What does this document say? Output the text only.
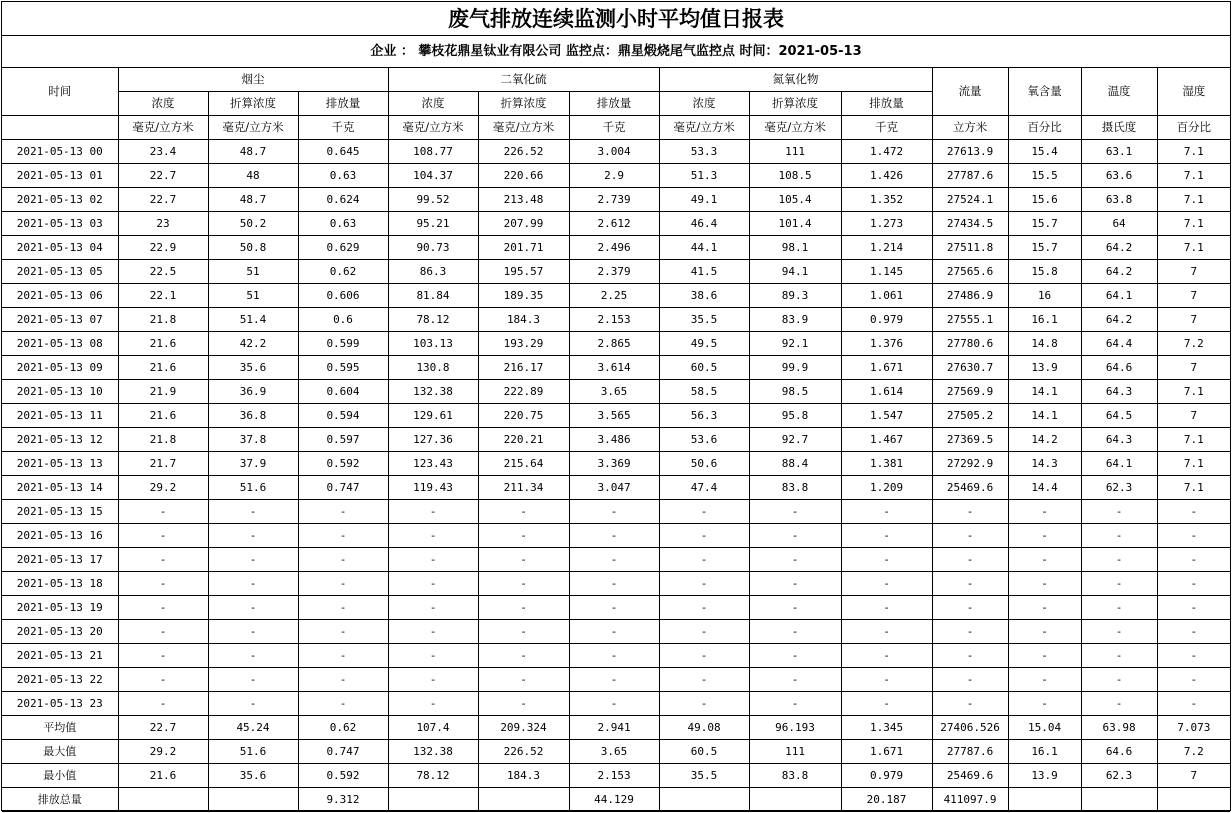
废气排放连续监测小时平均值日报表
企业 ： 攀枝花鼎星钛业有限公司 监控点：鼎星煅烧尾气监控点 时间：2021-05-13
时间	烟尘			二氧化硫			氮氧化物			流量	氧含量	温度	湿度
	浓度	折算浓度	排放量	浓度	折算浓度	排放量	浓度	折算浓度	排放量				
	毫克/立方米	毫克/立方米	千克	毫克/立方米	毫克/立方米	千克	毫克/立方米	毫克/立方米	千克	立方米	百分比	摄氏度	百分比
2021-05-13 00	23.4	48.7	0.645	108.77	226.52	3.004	53.3	111	1.472	27613.9	15.4	63.1	7.1
2021-05-13 01	22.7	48	0.63	104.37	220.66	2.9	51.3	108.5	1.426	27787.6	15.5	63.6	7.1
2021-05-13 02	22.7	48.7	0.624	99.52	213.48	2.739	49.1	105.4	1.352	27524.1	15.6	63.8	7.1
2021-05-13 03	23	50.2	0.63	95.21	207.99	2.612	46.4	101.4	1.273	27434.5	15.7	64	7.1
2021-05-13 04	22.9	50.8	0.629	90.73	201.71	2.496	44.1	98.1	1.214	27511.8	15.7	64.2	7.1
2021-05-13 05	22.5	51	0.62	86.3	195.57	2.379	41.5	94.1	1.145	27565.6	15.8	64.2	7
2021-05-13 06	22.1	51	0.606	81.84	189.35	2.25	38.6	89.3	1.061	27486.9	16	64.1	7
2021-05-13 07	21.8	51.4	0.6	78.12	184.3	2.153	35.5	83.9	0.979	27555.1	16.1	64.2	7
2021-05-13 08	21.6	42.2	0.599	103.13	193.29	2.865	49.5	92.1	1.376	27780.6	14.8	64.4	7.2
2021-05-13 09	21.6	35.6	0.595	130.8	216.17	3.614	60.5	99.9	1.671	27630.7	13.9	64.6	7
2021-05-13 10	21.9	36.9	0.604	132.38	222.89	3.65	58.5	98.5	1.614	27569.9	14.1	64.3	7.1
2021-05-13 11	21.6	36.8	0.594	129.61	220.75	3.565	56.3	95.8	1.547	27505.2	14.1	64.5	7
2021-05-13 12	21.8	37.8	0.597	127.36	220.21	3.486	53.6	92.7	1.467	27369.5	14.2	64.3	7.1
2021-05-13 13	21.7	37.9	0.592	123.43	215.64	3.369	50.6	88.4	1.381	27292.9	14.3	64.1	7.1
2021-05-13 14	29.2	51.6	0.747	119.43	211.34	3.047	47.4	83.8	1.209	25469.6	14.4	62.3	7.1
2021-05-13 15	-	-	-	-	-	-	-	-	-	-	-	-	-
2021-05-13 16	-	-	-	-	-	-	-	-	-	-	-	-	-
2021-05-13 17	-	-	-	-	-	-	-	-	-	-	-	-	-
2021-05-13 18	-	-	-	-	-	-	-	-	-	-	-	-	-
2021-05-13 19	-	-	-	-	-	-	-	-	-	-	-	-	-
2021-05-13 20	-	-	-	-	-	-	-	-	-	-	-	-	-
2021-05-13 21	-	-	-	-	-	-	-	-	-	-	-	-	-
2021-05-13 22	-	-	-	-	-	-	-	-	-	-	-	-	-
2021-05-13 23	-	-	-	-	-	-	-	-	-	-	-	-	-
平均值	22.7	45.24	0.62	107.4	209.324	2.941	49.08	96.193	1.345	27406.526	15.04	63.98	7.073
最大值	29.2	51.6	0.747	132.38	226.52	3.65	60.5	111	1.671	27787.6	16.1	64.6	7.2
最小值	21.6	35.6	0.592	78.12	184.3	2.153	35.5	83.8	0.979	25469.6	13.9	62.3	7
排放总量			9.312			44.129			20.187	411097.9			
